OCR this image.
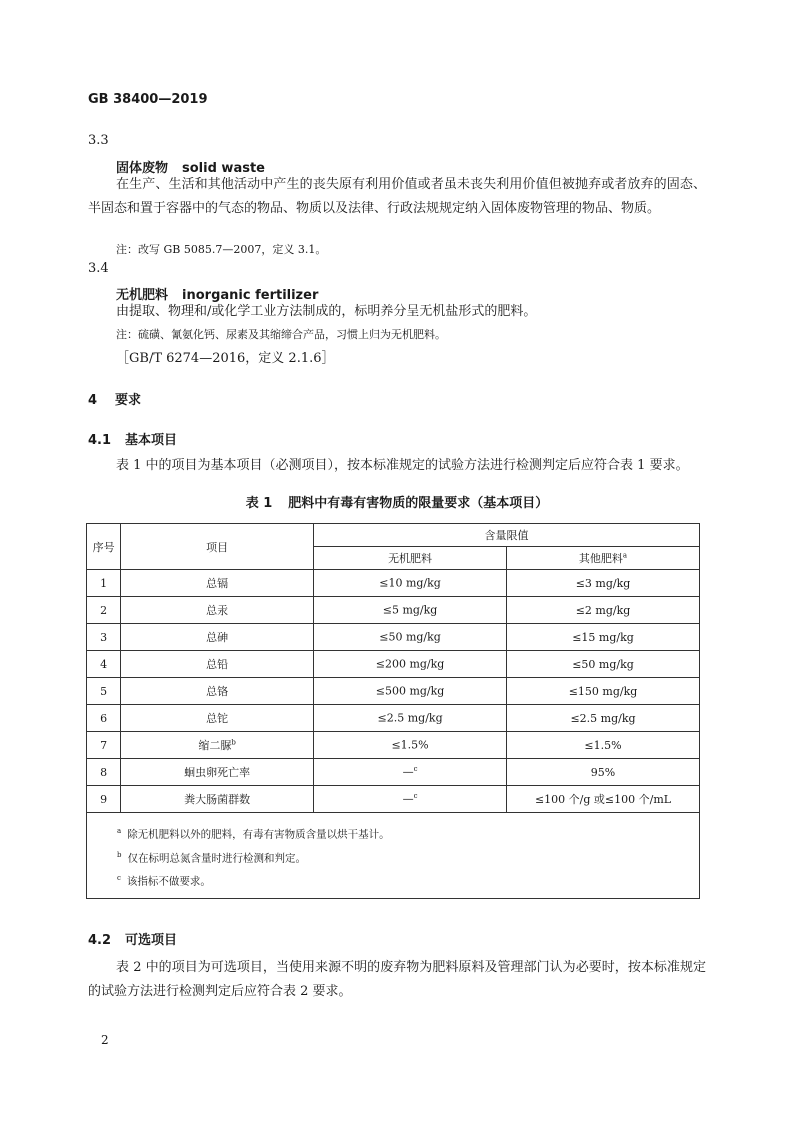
GB 38400—2019
3.3
固体废物 solid waste
在生产、生活和其他活动中产生的丧失原有利用价值或者虽未丧失利用价值但被抛弃或者放弃的固态、半固态和置于容器中的气态的物品、物质以及法律、行政法规规定纳入固体废物管理的物品、物质。
注：改写 GB 5085.7—2007，定义 3.1。
3.4
无机肥料 inorganic fertilizer
由提取、物理和/或化学工业方法制成的，标明养分呈无机盐形式的肥料。
注：硫磺、氰氨化钙、尿素及其缩缔合产品，习惯上归为无机肥料。
［GB/T 6274—2016，定义 2.1.6］
4 要求
4.1 基本项目
表 1 中的项目为基本项目（必测项目），按本标准规定的试验方法进行检测判定后应符合表 1 要求。
表 1 肥料中有毒有害物质的限量要求（基本项目）
序号	项目	含量限值	
		无机肥料	其他肥料$^a$
1	总镉	≤10 mg/kg	≤3 mg/kg
2	总汞	≤5 mg/kg	≤2 mg/kg
3	总砷	≤50 mg/kg	≤15 mg/kg
4	总铅	≤200 mg/kg	≤50 mg/kg
5	总铬	≤500 mg/kg	≤150 mg/kg
6	总铊	≤2.5 mg/kg	≤2.5 mg/kg
7	缩二脲$^b$	≤1.5%	≤1.5%
8	蛔虫卵死亡率	—$^c$	95%
9	粪大肠菌群数	—$^c$	≤100 个/g 或≤100 个/mL

$^a$ 除无机肥料以外的肥料，有毒有害物质含量以烘干基计。
$^b$ 仅在标明总氮含量时进行检测和判定。
$^c$ 该指标不做要求。			
4.2 可选项目
表 2 中的项目为可选项目，当使用来源不明的废弃物为肥料原料及管理部门认为必要时，按本标准规定的试验方法进行检测判定后应符合表 2 要求。
2
